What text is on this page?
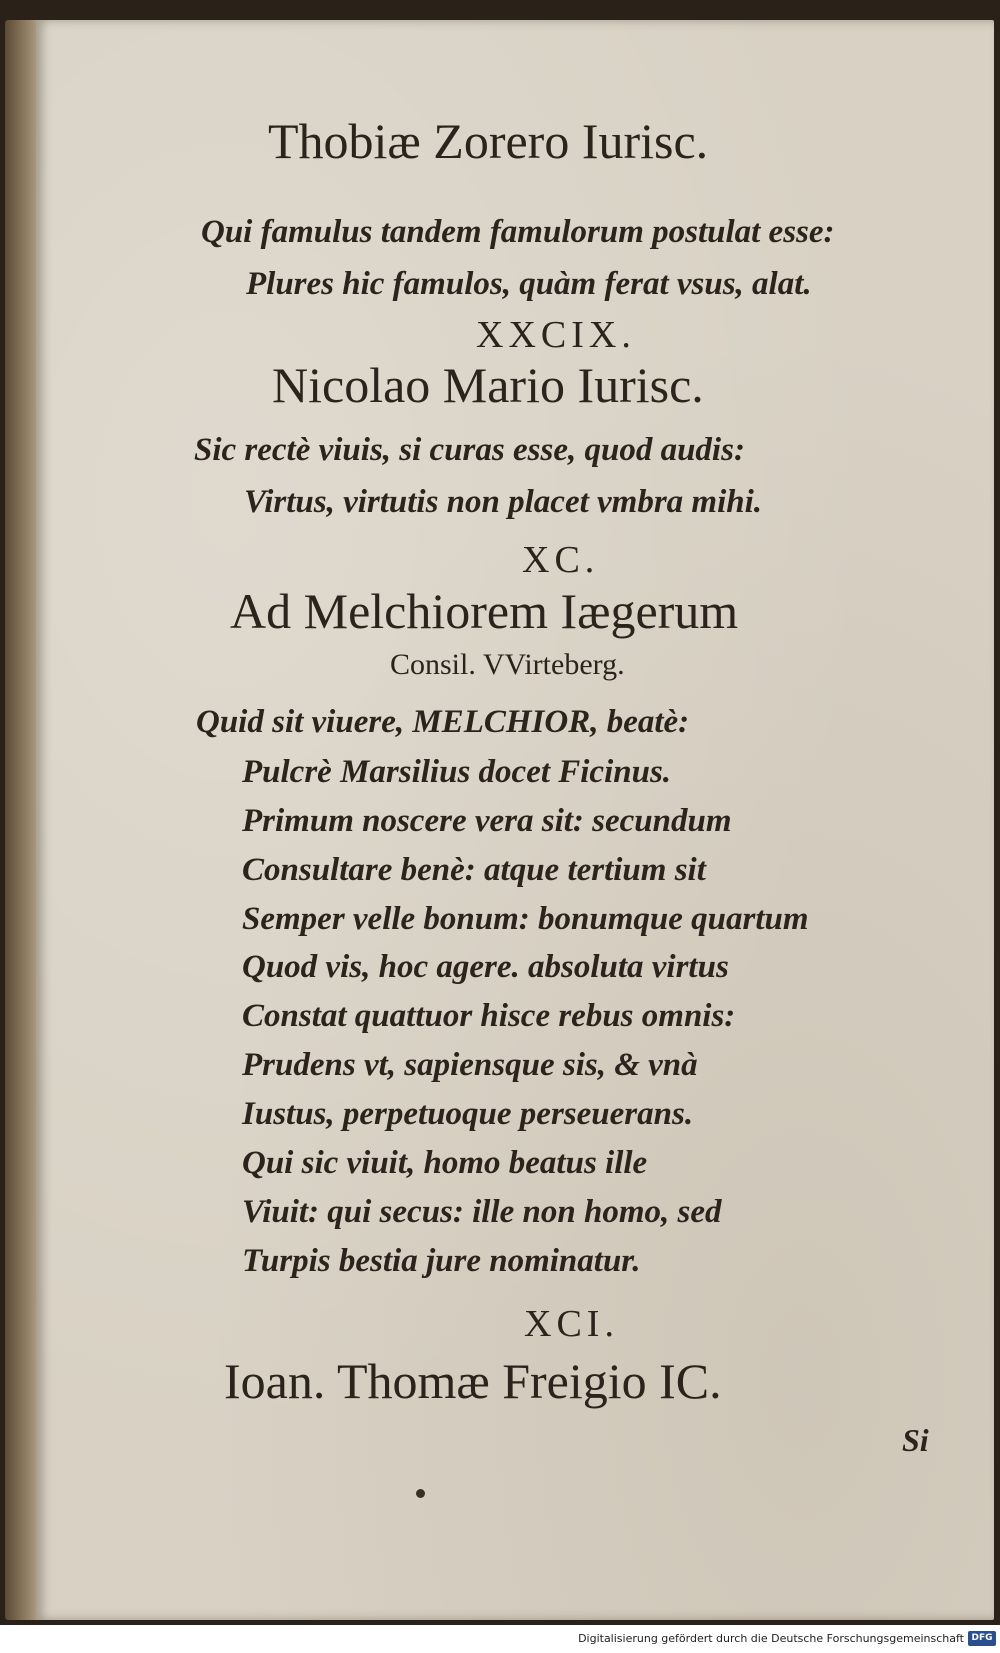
Thobiæ Zorero Iurisc.

Qui famulus tandem famulorum postulat esse:

Plures hic famulos, quàm ferat vsus, alat.

XXCIX.

Nicolao Mario Iurisc.

Sic rectè viuis, si curas esse, quod audis:

Virtus, virtutis non placet vmbra mihi.

XC.

Ad Melchiorem Iægerum

Consil. VVirteberg.

Quid sit viuere, MELCHIOR, beatè:

Pulcrè Marsilius docet Ficinus.

Primum noscere vera sit: secundum

Consultare benè: atque tertium sit

Semper velle bonum: bonumque quartum

Quod vis, hoc agere. absoluta virtus

Constat quattuor hisce rebus omnis:

Prudens vt, sapiensque sis, & vnà

Iustus, perpetuoque perseuerans.

Qui sic viuit, homo beatus ille

Viuit: qui secus: ille non homo, sed

Turpis bestia jure nominatur.

XCI.

Ioan. Thomæ Freigio IC.

Si

Digitalisierung gefördert durch die Deutsche Forschungsgemeinschaft DFG
